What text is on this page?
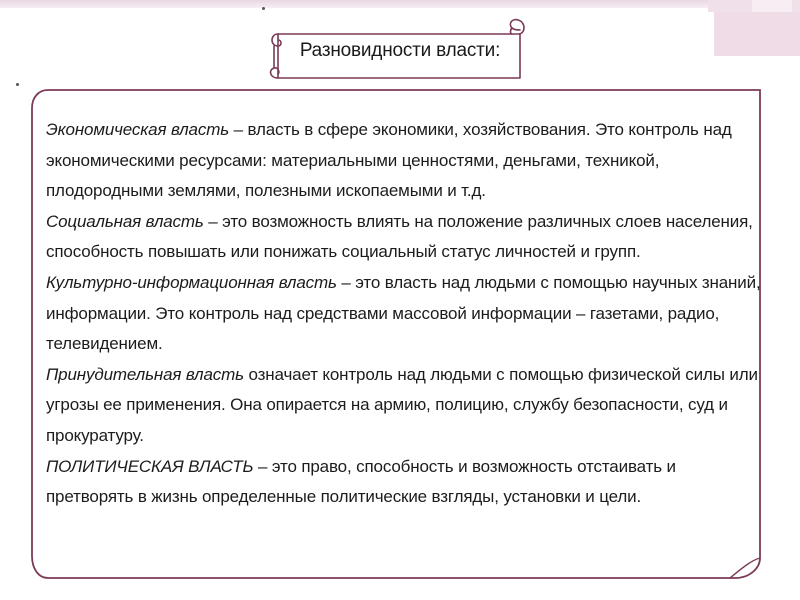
Разновидности власти:

Экономическая власть – власть в сфере экономики, хозяйствования. Это контроль над экономическими ресурсами: материальными ценностями, деньгами, техникой, плодородными землями, полезными ископаемыми и т.д.

Социальная власть – это возможность влиять на положение различных слоев населения, способность повышать или понижать социальный статус личностей и групп.

Культурно-информационная власть – это власть над людьми с помощью научных знаний, информации. Это контроль над средствами массовой информации – газетами, радио, телевидением.

Принудительная власть означает контроль над людьми с помощью физической силы или угрозы ее применения. Она опирается на армию, полицию, службу безопасности, суд и прокуратуру.

ПОЛИТИЧЕСКАЯ ВЛАСТЬ – это право, способность и возможность отстаивать и претворять в жизнь определенные политические взгляды, установки и цели.
